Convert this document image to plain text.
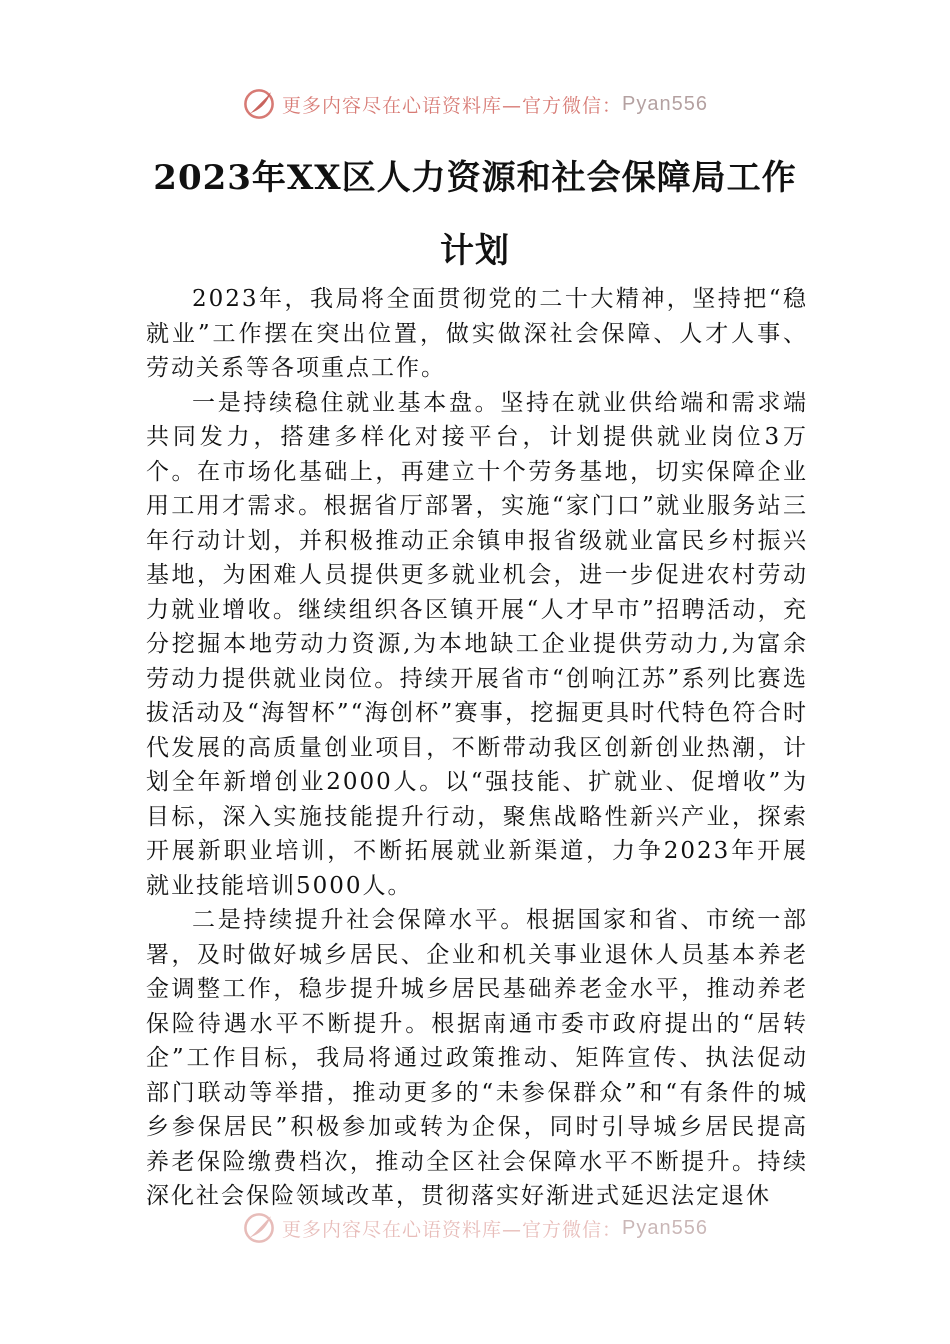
更多内容尽在心语资料库—官方微信： Pyan556
2023年XX区人力资源和社会保障局工作
计划

2023年，我局将全面贯彻党的二十大精神，坚持把“稳就业”工作摆在突出位置，做实做深社会保障、人才人事、劳动关系等各项重点工作。

一是持续稳住就业基本盘。坚持在就业供给端和需求端共同发力，搭建多样化对接平台，计划提供就业岗位3万个。在市场化基础上，再建立十个劳务基地，切实保障企业用工用才需求。根据省厅部署，实施“家门口”就业服务站三年行动计划，并积极推动正余镇申报省级就业富民乡村振兴基地，为困难人员提供更多就业机会，进一步促进农村劳动力就业增收。继续组织各区镇开展“人才早市”招聘活动，充分挖掘本地劳动力资源,为本地缺工企业提供劳动力,为富余劳动力提供就业岗位。持续开展省市“创响江苏”系列比赛选拔活动及“海智杯”“海创杯”赛事，挖掘更具时代特色符合时代发展的高质量创业项目，不断带动我区创新创业热潮，计划全年新增创业2000人。以“强技能、扩就业、促增收”为目标，深入实施技能提升行动，聚焦战略性新兴产业，探索开展新职业培训，不断拓展就业新渠道，力争2023年开展就业技能培训5000人。

二是持续提升社会保障水平。根据国家和省、市统一部署，及时做好城乡居民、企业和机关事业退休人员基本养老金调整工作，稳步提升城乡居民基础养老金水平，推动养老保险待遇水平不断提升。根据南通市委市政府提出的“居转企”工作目标，我局将通过政策推动、矩阵宣传、执法促动部门联动等举措，推动更多的“未参保群众”和“有条件的城乡参保居民”积极参加或转为企保，同时引导城乡居民提高养老保险缴费档次，推动全区社会保障水平不断提升。持续深化社会保险领域改革，贯彻落实好渐进式延迟法定退休

更多内容尽在心语资料库—官方微信： Pyan556
